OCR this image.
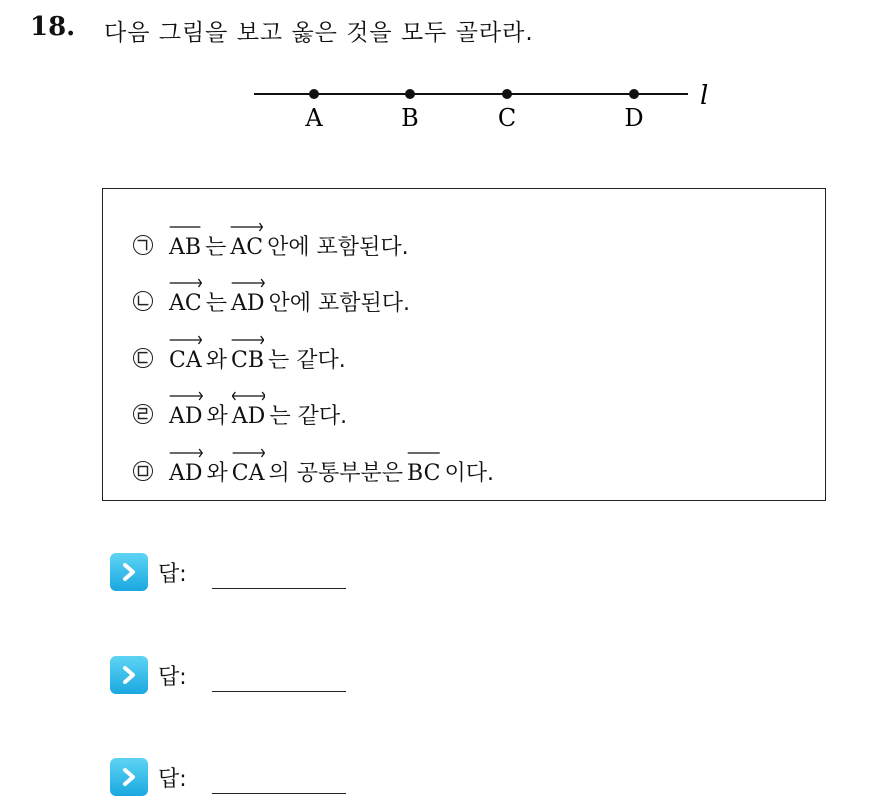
18. 다음 그림을 보고 옳은 것을 모두 골라라.
A	B	C	D
l
AB 는 AC 안에 포함된다.
AC 는 AD 안에 포함된다.
CA 와 CB 는 같다.
AD 와 AD 는 같다.
AD 와 CA 의 공통부분은 BC 이다.
답:
답:
답:
